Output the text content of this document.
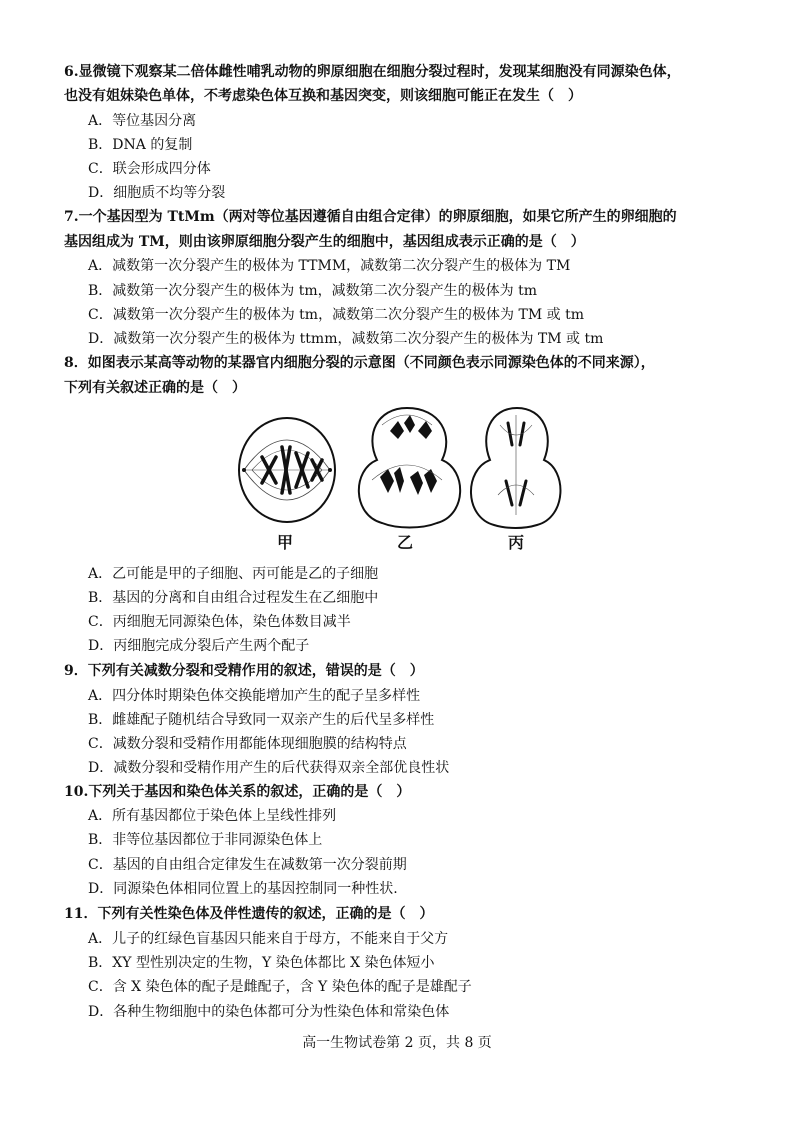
6.显微镜下观察某二倍体雌性哺乳动物的卵原细胞在细胞分裂过程时，发现某细胞没有同源染色体，
也没有姐妹染色单体，不考虑染色体互换和基因突变，则该细胞可能正在发生（　）
A．等位基因分离
B．DNA 的复制
C．联会形成四分体
D．细胞质不均等分裂
7.一个基因型为 TtMm（两对等位基因遵循自由组合定律）的卵原细胞，如果它所产生的卵细胞的
基因组成为 TM，则由该卵原细胞分裂产生的细胞中，基因组成表示正确的是（　）
A．减数第一次分裂产生的极体为 TTMM，减数第二次分裂产生的极体为 TM
B．减数第一次分裂产生的极体为 tm，减数第二次分裂产生的极体为 tm
C．减数第一次分裂产生的极体为 tm，减数第二次分裂产生的极体为 TM 或 tm
D．减数第一次分裂产生的极体为 ttmm，减数第二次分裂产生的极体为 TM 或 tm
8．如图表示某高等动物的某器官内细胞分裂的示意图（不同颜色表示同源染色体的不同来源），
下列有关叙述正确的是（　）
甲	乙	丙
A．乙可能是甲的子细胞、丙可能是乙的子细胞
B．基因的分离和自由组合过程发生在乙细胞中
C．丙细胞无同源染色体，染色体数目减半
D．丙细胞完成分裂后产生两个配子
9．下列有关减数分裂和受精作用的叙述，错误的是（　）
A．四分体时期染色体交换能增加产生的配子呈多样性
B．雌雄配子随机结合导致同一双亲产生的后代呈多样性
C．减数分裂和受精作用都能体现细胞膜的结构特点
D．减数分裂和受精作用产生的后代获得双亲全部优良性状
10.下列关于基因和染色体关系的叙述，正确的是（　）
A．所有基因都位于染色体上呈线性排列
B．非等位基因都位于非同源染色体上
C．基因的自由组合定律发生在减数第一次分裂前期
D．同源染色体相同位置上的基因控制同一种性状.
11．下列有关性染色体及伴性遗传的叙述，正确的是（　）
A．儿子的红绿色盲基因只能来自于母方，不能来自于父方
B．XY 型性别决定的生物，Y 染色体都比 X 染色体短小
C．含 X 染色体的配子是雌配子，含 Y 染色体的配子是雄配子
D．各种生物细胞中的染色体都可分为性染色体和常染色体
高一生物试卷第 2 页，共 8 页
